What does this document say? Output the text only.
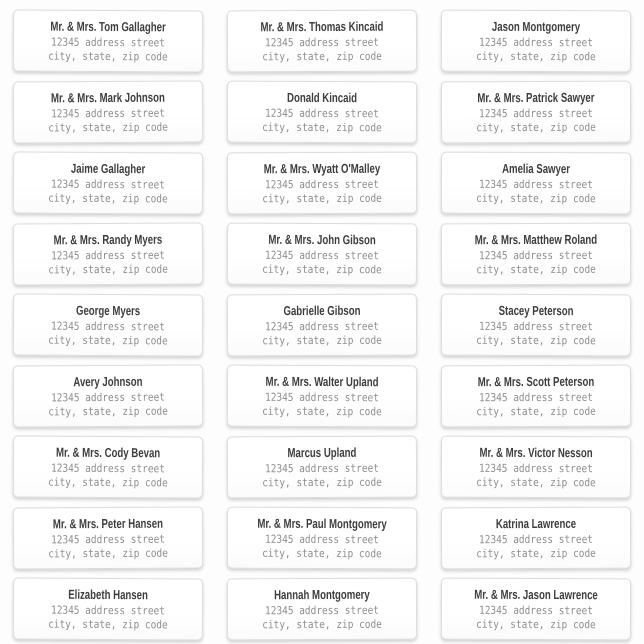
Mr. & Mrs. Tom Gallagher
12345 address street
city, state, zip code
Mr. & Mrs. Thomas Kincaid
12345 address street
city, state, zip code
Jason Montgomery
12345 address street
city, state, zip code
Mr. & Mrs. Mark Johnson
12345 address street
city, state, zip code
Donald Kincaid
12345 address street
city, state, zip code
Mr. & Mrs. Patrick Sawyer
12345 address street
city, state, zip code
Jaime Gallagher
12345 address street
city, state, zip code
Mr. & Mrs. Wyatt O'Malley
12345 address street
city, state, zip code
Amelia Sawyer
12345 address street
city, state, zip code
Mr. & Mrs. Randy Myers
12345 address street
city, state, zip code
Mr. & Mrs. John Gibson
12345 address street
city, state, zip code
Mr. & Mrs. Matthew Roland
12345 address street
city, state, zip code
George Myers
12345 address street
city, state, zip code
Gabrielle Gibson
12345 address street
city, state, zip code
Stacey Peterson
12345 address street
city, state, zip code
Avery Johnson
12345 address street
city, state, zip code
Mr. & Mrs. Walter Upland
12345 address street
city, state, zip code
Mr. & Mrs. Scott Peterson
12345 address street
city, state, zip code
Mr. & Mrs. Cody Bevan
12345 address street
city, state, zip code
Marcus Upland
12345 address street
city, state, zip code
Mr. & Mrs. Victor Nesson
12345 address street
city, state, zip code
Mr. & Mrs. Peter Hansen
12345 address street
city, state, zip code
Mr. & Mrs. Paul Montgomery
12345 address street
city, state, zip code
Katrina Lawrence
12345 address street
city, state, zip code
Elizabeth Hansen
12345 address street
city, state, zip code
Hannah Montgomery
12345 address street
city, state, zip code
Mr. & Mrs. Jason Lawrence
12345 address street
city, state, zip code
